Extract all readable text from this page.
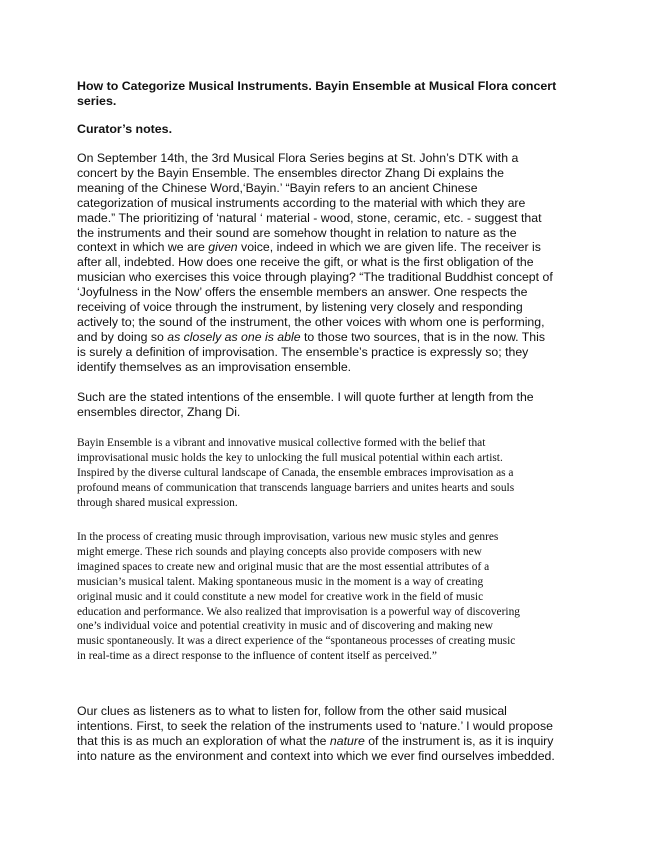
How to Categorize Musical Instruments. Bayin Ensemble at Musical Flora concert series.
Curator’s notes.
On September 14th, the 3rd Musical Flora Series begins at St. John’s DTK with a
concert by the Bayin Ensemble. The ensembles director Zhang Di explains the
meaning of the Chinese Word,‘Bayin.’ “Bayin refers to an ancient Chinese
categorization of musical instruments according to the material with which they are
made.” The prioritizing of ‘natural ‘ material - wood, stone, ceramic, etc. - suggest that
the instruments and their sound are somehow thought in relation to nature as the
context in which we are given voice, indeed in which we are given life. The receiver is
after all, indebted. How does one receive the gift, or what is the first obligation of the
musician who exercises this voice through playing? “The traditional Buddhist concept of
‘Joyfulness in the Now’ offers the ensemble members an answer. One respects the
receiving of voice through the instrument, by listening very closely and responding
actively to; the sound of the instrument, the other voices with whom one is performing,
and by doing so as closely as one is able to those two sources, that is in the now. This
is surely a definition of improvisation. The ensemble’s practice is expressly so; they
identify themselves as an improvisation ensemble.
Such are the stated intentions of the ensemble. I will quote further at length from the
ensembles director, Zhang Di.
Bayin Ensemble is a vibrant and innovative musical collective formed with the belief that
improvisational music holds the key to unlocking the full musical potential within each artist.
Inspired by the diverse cultural landscape of Canada, the ensemble embraces improvisation as a
profound means of communication that transcends language barriers and unites hearts and souls
through shared musical expression.
In the process of creating music through improvisation, various new music styles and genres
might emerge. These rich sounds and playing concepts also provide composers with new
imagined spaces to create new and original music that are the most essential attributes of a
musician’s musical talent. Making spontaneous music in the moment is a way of creating
original music and it could constitute a new model for creative work in the field of music
education and performance. We also realized that improvisation is a powerful way of discovering
one’s individual voice and potential creativity in music and of discovering and making new
music spontaneously. It was a direct experience of the “spontaneous processes of creating music
in real-time as a direct response to the influence of content itself as perceived.”
Our clues as listeners as to what to listen for, follow from the other said musical
intentions. First, to seek the relation of the instruments used to ‘nature.’ I would propose
that this is as much an exploration of what the nature of the instrument is, as it is inquiry
into nature as the environment and context into which we ever find ourselves imbedded.
